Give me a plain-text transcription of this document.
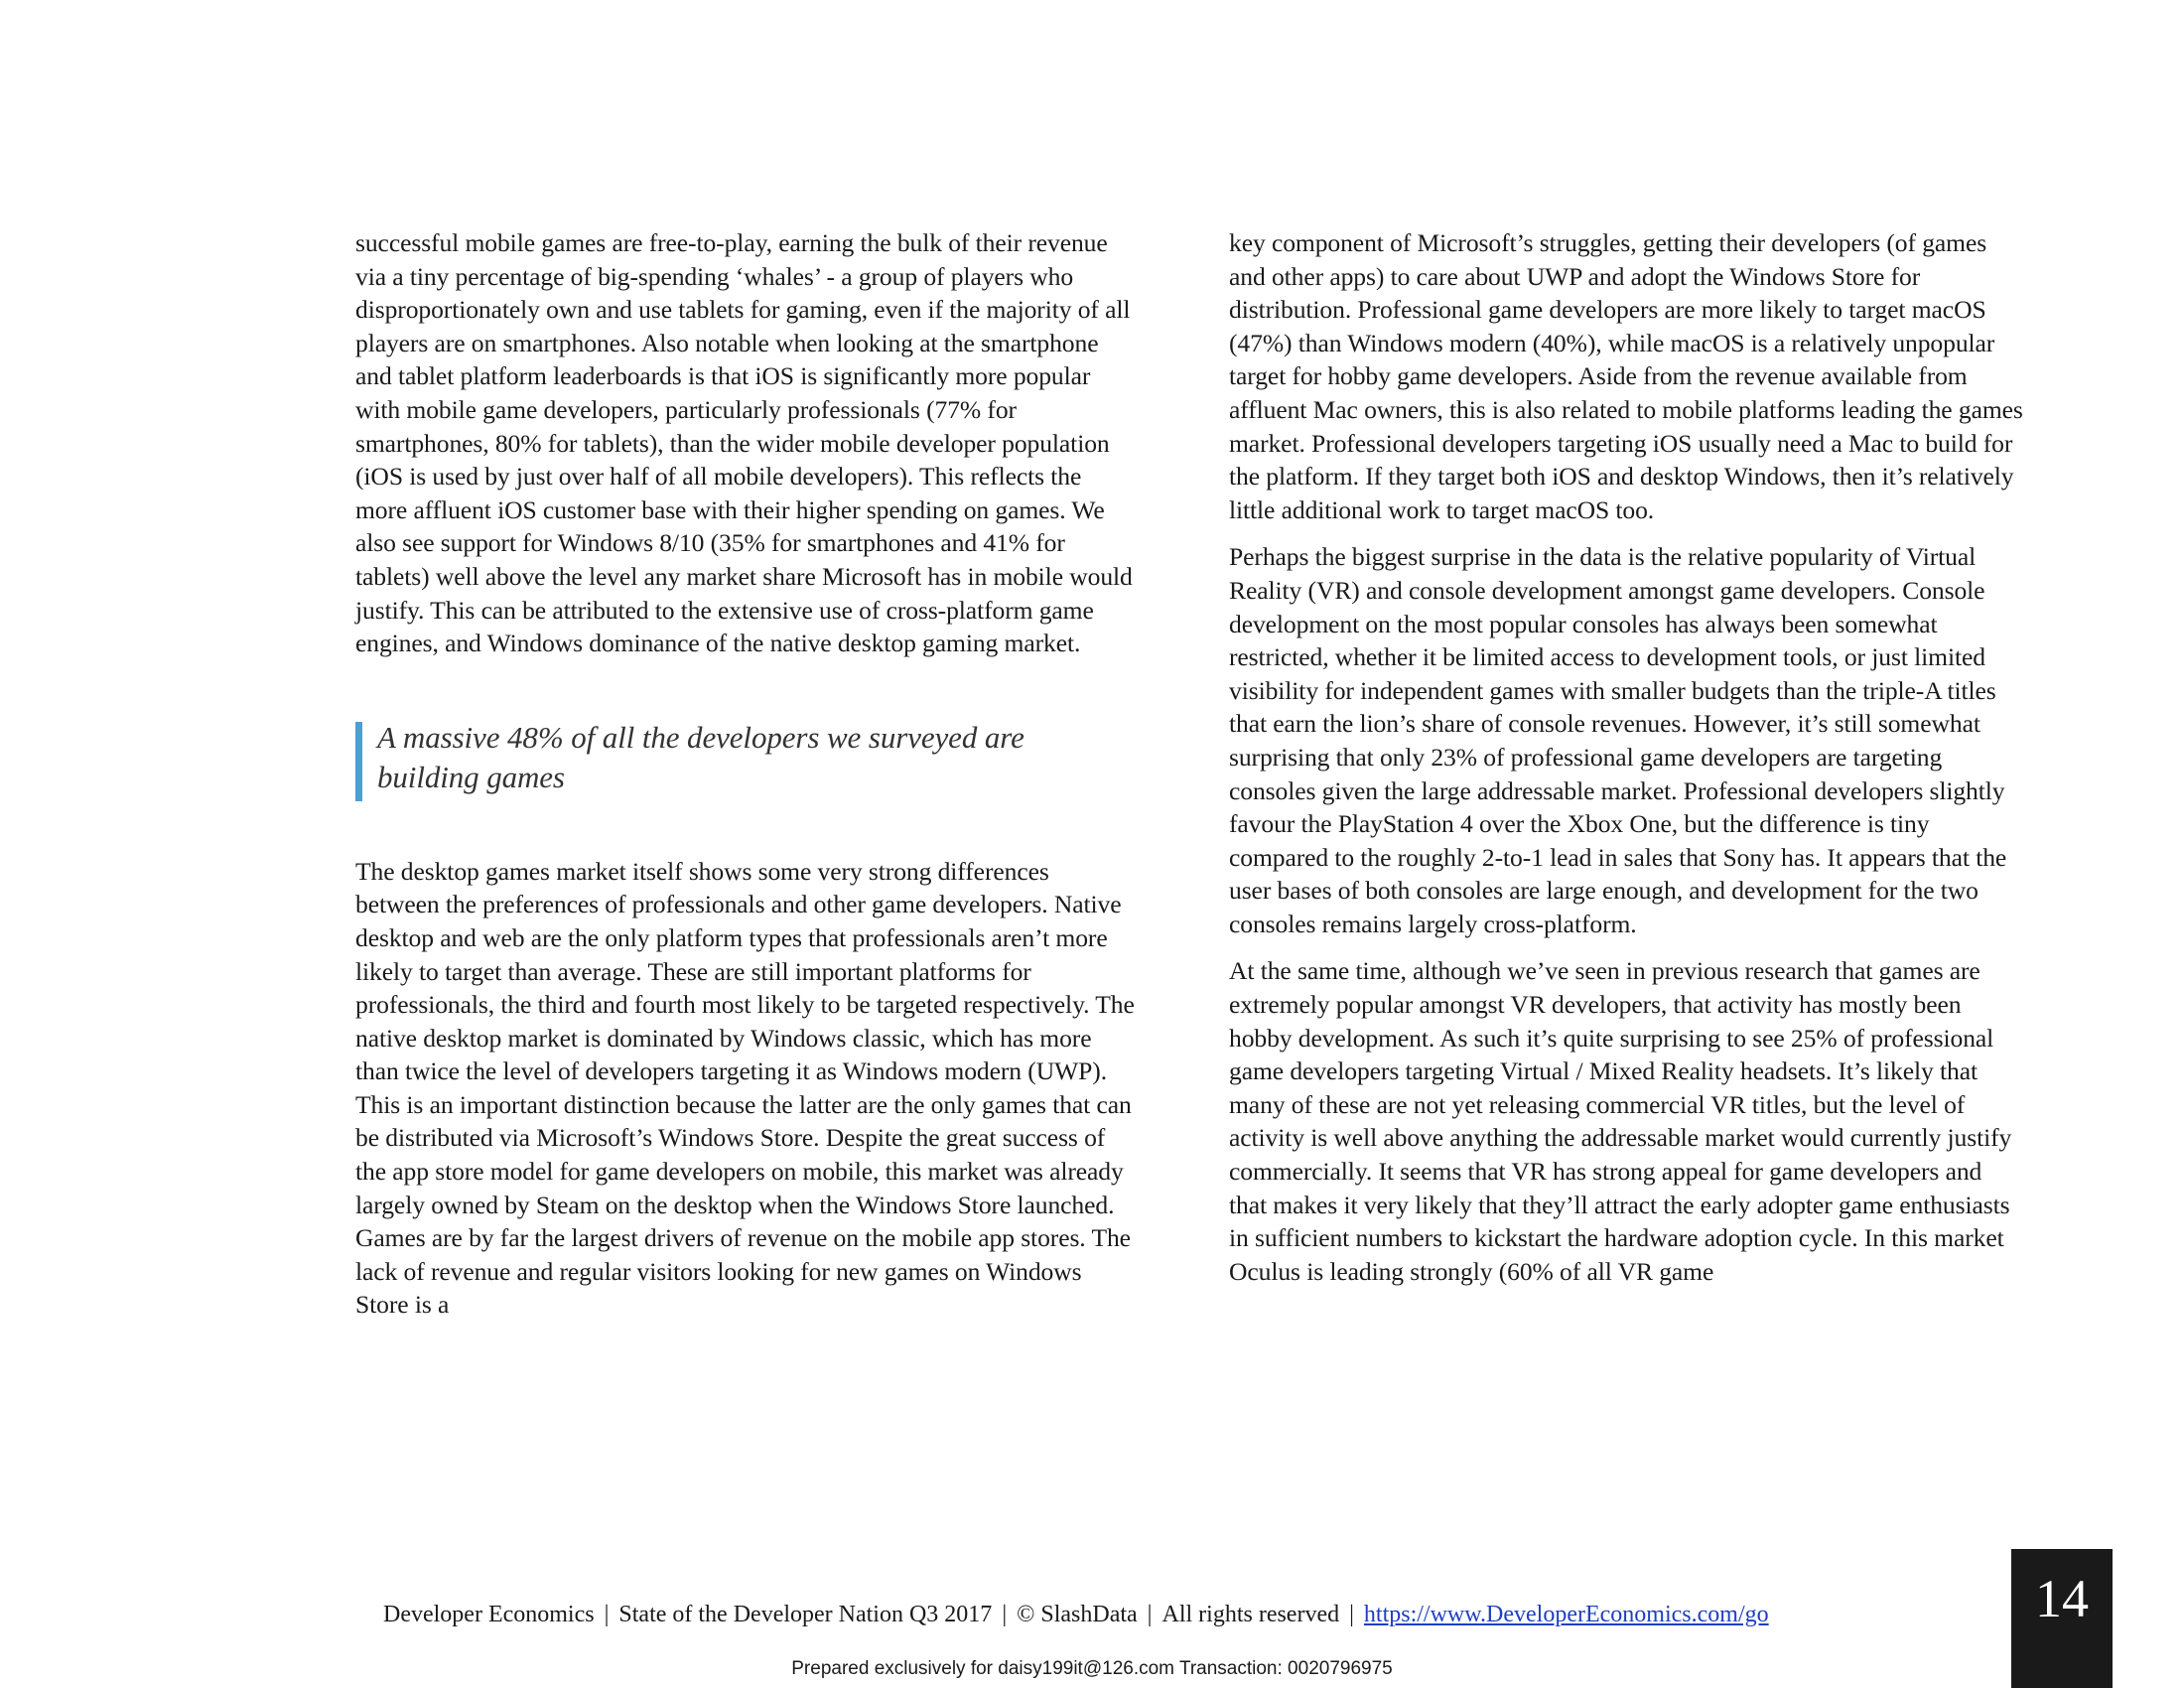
successful mobile games are free-to-play, earning the bulk of their revenue via a tiny percentage of big-spending ‘whales’ - a group of players who disproportionately own and use tablets for gaming, even if the majority of all players are on smartphones. Also notable when looking at the smartphone and tablet platform leaderboards is that iOS is significantly more popular with mobile game developers, particularly professionals (77% for smartphones, 80% for tablets), than the wider mobile developer population (iOS is used by just over half of all mobile developers). This reflects the more affluent iOS customer base with their higher spending on games. We also see support for Windows 8/10 (35% for smartphones and 41% for tablets) well above the level any market share Microsoft has in mobile would justify. This can be attributed to the extensive use of cross-platform game engines, and Windows dominance of the native desktop gaming market.

A massive 48% of all the developers we surveyed are building games

The desktop games market itself shows some very strong differences between the preferences of professionals and other game developers. Native desktop and web are the only platform types that professionals aren’t more likely to target than average. These are still important platforms for professionals, the third and fourth most likely to be targeted respectively. The native desktop market is dominated by Windows classic, which has more than twice the level of developers targeting it as Windows modern (UWP). This is an important distinction because the latter are the only games that can be distributed via Microsoft’s Windows Store. Despite the great success of the app store model for game developers on mobile, this market was already largely owned by Steam on the desktop when the Windows Store launched. Games are by far the largest drivers of revenue on the mobile app stores. The lack of revenue and regular visitors looking for new games on Windows Store is a

key component of Microsoft’s struggles, getting their developers (of games and other apps) to care about UWP and adopt the Windows Store for distribution. Professional game developers are more likely to target macOS (47%) than Windows modern (40%), while macOS is a relatively unpopular target for hobby game developers. Aside from the revenue available from affluent Mac owners, this is also related to mobile platforms leading the games market. Professional developers targeting iOS usually need a Mac to build for the platform. If they target both iOS and desktop Windows, then it’s relatively little additional work to target macOS too.

Perhaps the biggest surprise in the data is the relative popularity of Virtual Reality (VR) and console development amongst game developers. Console development on the most popular consoles has always been somewhat restricted, whether it be limited access to development tools, or just limited visibility for independent games with smaller budgets than the triple-A titles that earn the lion’s share of console revenues. However, it’s still somewhat surprising that only 23% of professional game developers are targeting consoles given the large addressable market. Professional developers slightly favour the PlayStation 4 over the Xbox One, but the difference is tiny compared to the roughly 2-to-1 lead in sales that Sony has. It appears that the user bases of both consoles are large enough, and development for the two consoles remains largely cross-platform.

At the same time, although we’ve seen in previous research that games are extremely popular amongst VR developers, that activity has mostly been hobby development. As such it’s quite surprising to see 25% of professional game developers targeting Virtual / Mixed Reality headsets. It’s likely that many of these are not yet releasing commercial VR titles, but the level of activity is well above anything the addressable market would currently justify commercially. It seems that VR has strong appeal for game developers and that makes it very likely that they’ll attract the early adopter game enthusiasts in sufficient numbers to kickstart the hardware adoption cycle. In this market Oculus is leading strongly (60% of all VR game

Developer Economics | State of the Developer Nation Q3 2017 | © SlashData | All rights reserved | https://www.DeveloperEconomics.com/go	14
Prepared exclusively for daisy199it@126.com Transaction: 0020796975
